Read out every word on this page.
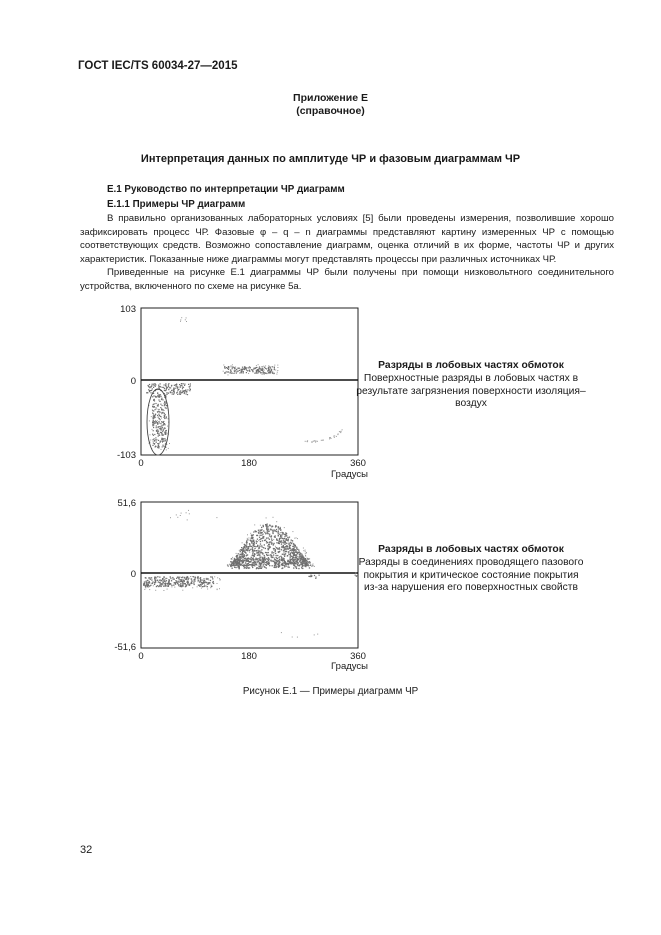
ГОСТ IEC/TS 60034-27—2015
Приложение Е
(справочное)
Интерпретация данных по амплитуде ЧР и фазовым диаграммам ЧР
Е.1 Руководство по интерпретации ЧР диаграмм
Е.1.1 Примеры ЧР диаграмм

В правильно организованных лабораторных условиях [5] были проведены измерения, позволившие хорошо зафиксировать процесс ЧР. Фазовые φ – q – n диаграммы представляют картину измеренных ЧР с помощью соответствующих средств. Возможно сопоставление диаграмм, оценка отличий в их форме, частоты ЧР и других характеристик. Показанные ниже диаграммы могут представлять процессы при различных источниках ЧР.

Приведенные на рисунке Е.1 диаграммы ЧР были получены при помощи низковольтного соединительного устройства, включенного по схеме на рисунке 5а.

103
0
-103
0	180	360
Градусы
Разряды в лобовых частях обмоток
Поверхностные разряды в лобовых частях в результате загрязнения поверхности изоляция–воздух
51,6
0
-51,6
0	180	360
Градусы
Разряды в лобовых частях обмоток
Разряды в соединениях проводящего пазового покрытия и критическое состояние покрытия из-за нарушения его поверхностных свойств
Рисунок Е.1 — Примеры диаграмм ЧР
32
